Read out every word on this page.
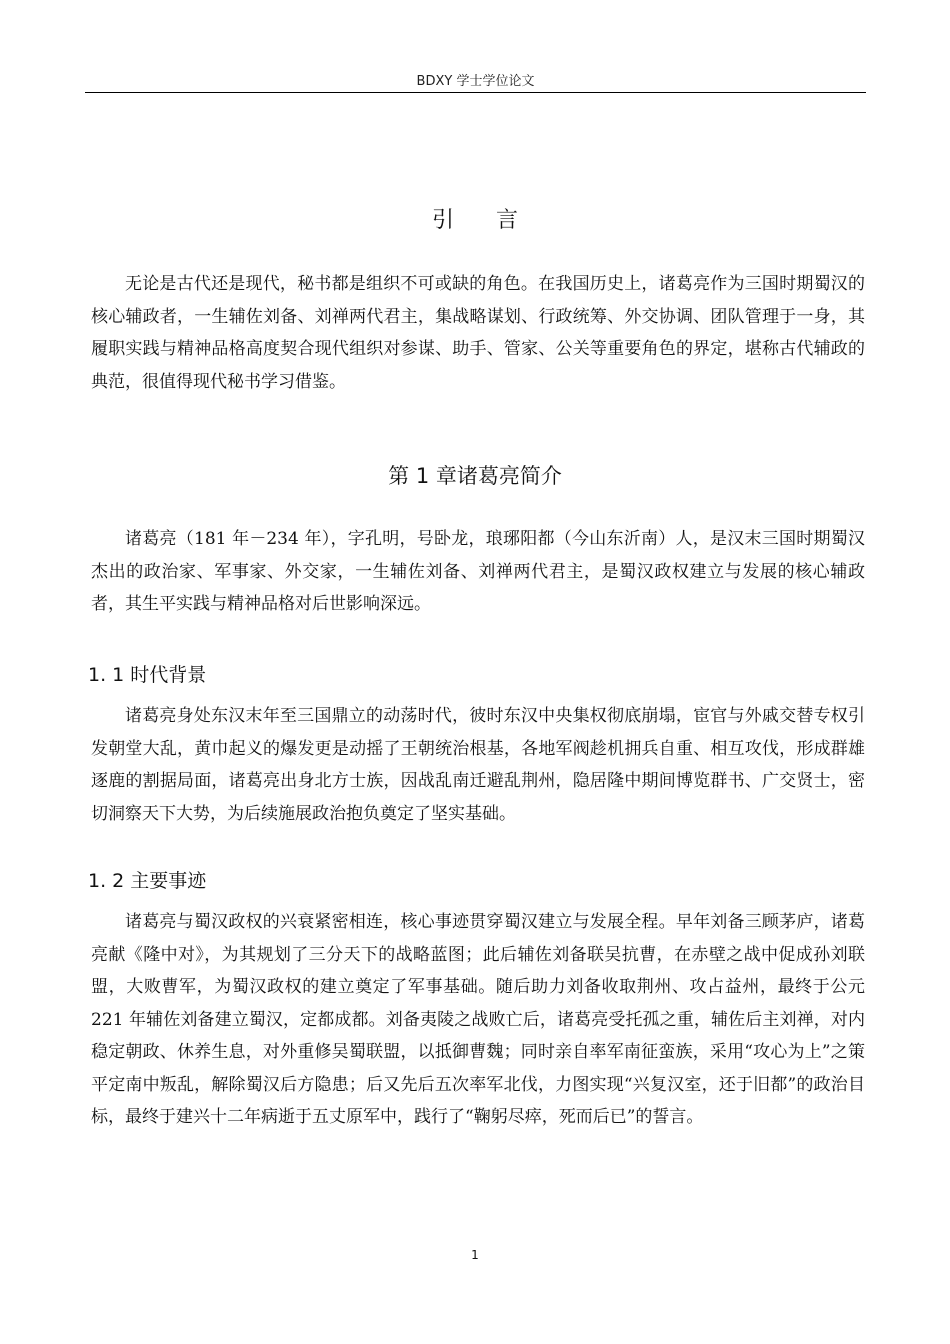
BDXY 学士学位论文
引言

无论是古代还是现代，秘书都是组织不可或缺的角色。在我国历史上，诸葛亮作为三国时期蜀汉的核心辅政者，一生辅佐刘备、刘禅两代君主，集战略谋划、行政统筹、外交协调、团队管理于一身，其履职实践与精神品格高度契合现代组织对参谋、助手、管家、公关等重要角色的界定，堪称古代辅政的典范，很值得现代秘书学习借鉴。

第 1 章诸葛亮简介

诸葛亮（181 年－234 年），字孔明，号卧龙，琅琊阳都（今山东沂南）人，是汉末三国时期蜀汉杰出的政治家、军事家、外交家，一生辅佐刘备、刘禅两代君主，是蜀汉政权建立与发展的核心辅政者，其生平实践与精神品格对后世影响深远。

1. 1 时代背景

诸葛亮身处东汉末年至三国鼎立的动荡时代，彼时东汉中央集权彻底崩塌，宦官与外戚交替专权引发朝堂大乱，黄巾起义的爆发更是动摇了王朝统治根基，各地军阀趁机拥兵自重、相互攻伐，形成群雄逐鹿的割据局面，诸葛亮出身北方士族，因战乱南迁避乱荆州，隐居隆中期间博览群书、广交贤士，密切洞察天下大势，为后续施展政治抱负奠定了坚实基础。

1. 2 主要事迹

诸葛亮与蜀汉政权的兴衰紧密相连，核心事迹贯穿蜀汉建立与发展全程。早年刘备三顾茅庐，诸葛亮献《隆中对》，为其规划了三分天下的战略蓝图；此后辅佐刘备联吴抗曹，在赤壁之战中促成孙刘联盟，大败曹军，为蜀汉政权的建立奠定了军事基础。随后助力刘备收取荆州、攻占益州，最终于公元 221 年辅佐刘备建立蜀汉，定都成都。刘备夷陵之战败亡后，诸葛亮受托孤之重，辅佐后主刘禅，对内稳定朝政、休养生息，对外重修吴蜀联盟，以抵御曹魏；同时亲自率军南征蛮族，采用“攻心为上”之策平定南中叛乱，解除蜀汉后方隐患；后又先后五次率军北伐，力图实现“兴复汉室，还于旧都”的政治目标，最终于建兴十二年病逝于五丈原军中，践行了“鞠躬尽瘁，死而后已”的誓言。

1
